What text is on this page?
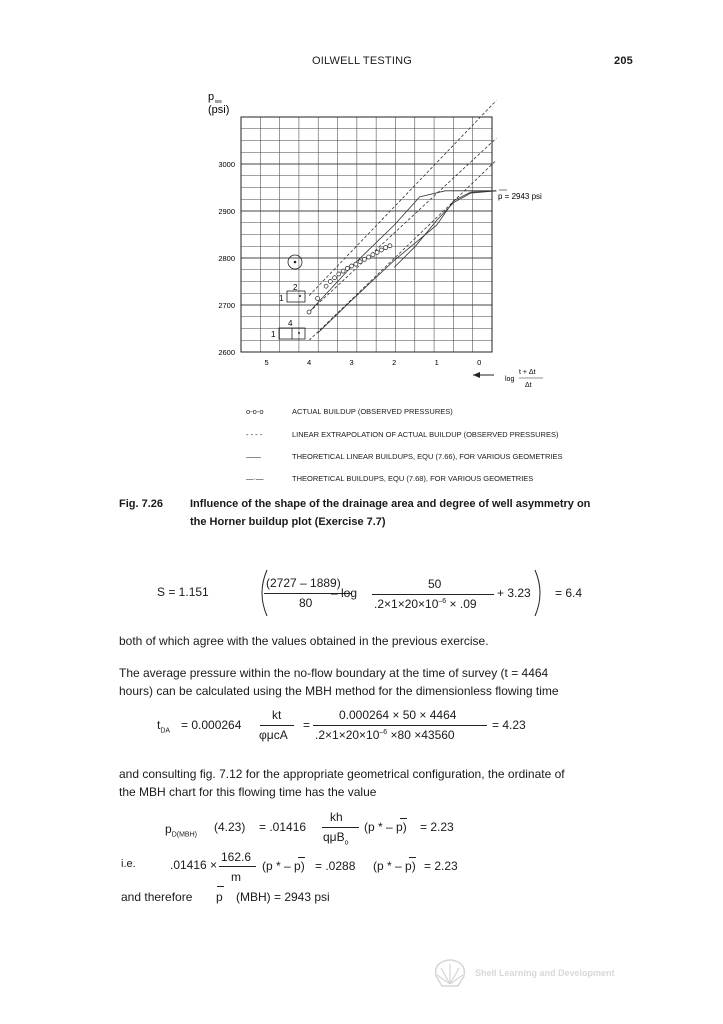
OILWELL TESTING	205
p ws
(psi)
3000
2900
2800
2700
2600
5	4	3	2	1	0
log
t + Δt
Δt
p = 2943 psi
2
1
4
1
o-o-o	ACTUAL BUILDUP (OBSERVED PRESSURES)
- - - -	LINEAR EXTRAPOLATION OF ACTUAL BUILDUP (OBSERVED PRESSURES)
——	THEORETICAL LINEAR BUILDUPS, EQU (7.66), FOR VARIOUS GEOMETRIES
—·—	THEORETICAL BUILDUPS, EQU (7.68), FOR VARIOUS GEOMETRIES
Fig. 7.26 Influence of the shape of the drainage area and degree of well asymmetry on
the Horner buildup plot (Exercise 7.7)
S = 1.151
(2727 – 1889)
80
– log
50
$.2\times 1\times 20\times 10^{-6} \times .09$
+ 3.23 = 6.4
both of which agree with the values obtained in the previous exercise.
The average pressure within the no-flow boundary at the time of survey (t = 4464
hours) can be calculated using the MBH method for the dimensionless flowing time
$t_{DA} = 0.000264$
kt
φμcA
=
0.000264 × 50 × 4464
$.2\times 1\times 20\times 10^{-6} \times 80 \times 43560$
= 4.23
and consulting fig. 7.12 for the appropriate geometrical configuration, the ordinate of
the MBH chart for this flowing time has the value
$p_{D(MBH)}$
(4.23) = .01416
kh
qμB$_o$
(p * – p) = 2.23
i.e.	.01416 ×
162.6
m
(p * – p) = .0288 (p * – p) = 2.23
and therefore p (MBH) = 2943 psi
Shell Learning and Development
